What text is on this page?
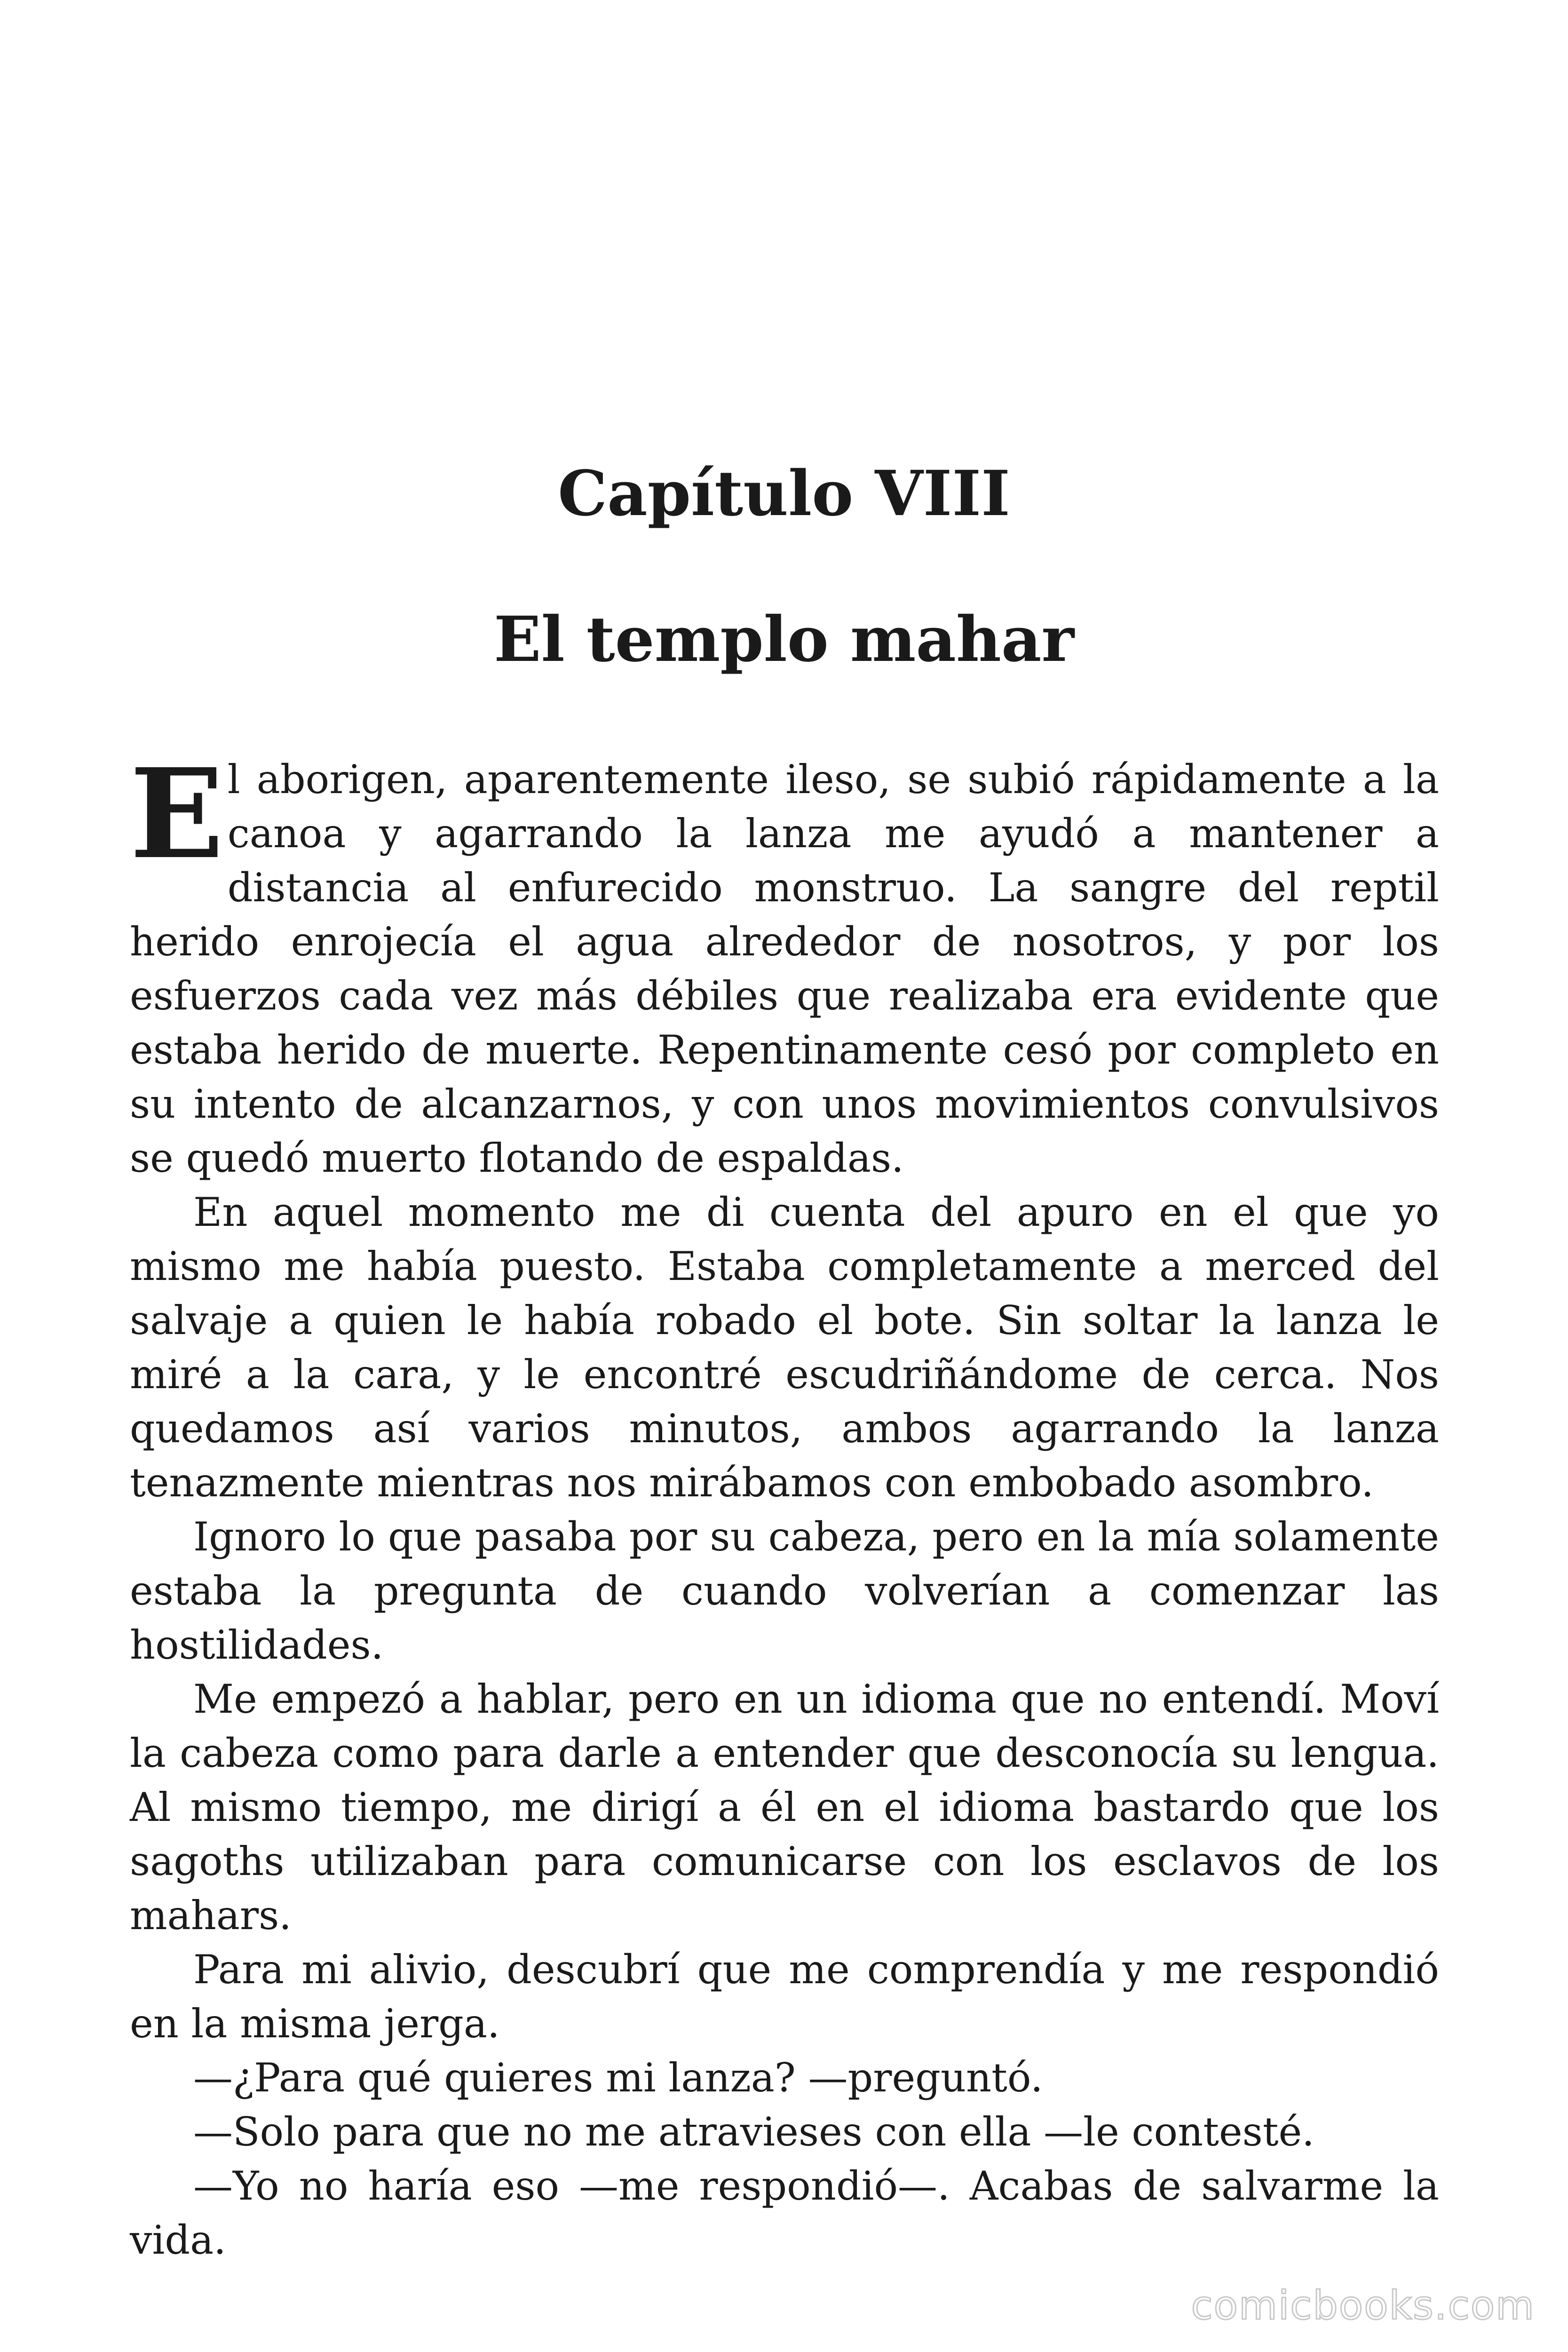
Capítulo VIII
El templo mahar

El aborigen, aparentemente ileso, se subió rápidamente a la canoa y agarrando la lanza me ayudó a mantener a distancia al enfurecido monstruo. La sangre del reptil herido enrojecía el agua alrededor de nosotros, y por los esfuerzos cada vez más débiles que realizaba era evidente que estaba herido de muerte. Repentinamente cesó por completo en su intento de alcanzarnos, y con unos movimientos convulsivos se quedó muerto flotando de espaldas.

En aquel momento me di cuenta del apuro en el que yo mismo me había puesto. Estaba completamente a merced del salvaje a quien le había robado el bote. Sin soltar la lanza le miré a la cara, y le encontré escudriñándome de cerca. Nos quedamos así varios minutos, ambos agarrando la lanza tenazmente mientras nos mirábamos con embobado asombro.

Ignoro lo que pasaba por su cabeza, pero en la mía solamente estaba la pregunta de cuando volverían a comenzar las hostilidades.

Me empezó a hablar, pero en un idioma que no entendí. Moví la cabeza como para darle a entender que desconocía su lengua. Al mismo tiempo, me dirigí a él en el idioma bastardo que los sagoths utilizaban para comunicarse con los esclavos de los mahars.

Para mi alivio, descubrí que me comprendía y me respondió en la misma jerga.

—¿Para qué quieres mi lanza? —preguntó.

—Solo para que no me atravieses con ella —le contesté.

—Yo no haría eso —me respondió—. Acabas de salvarme la vida.

comicbooks.com
